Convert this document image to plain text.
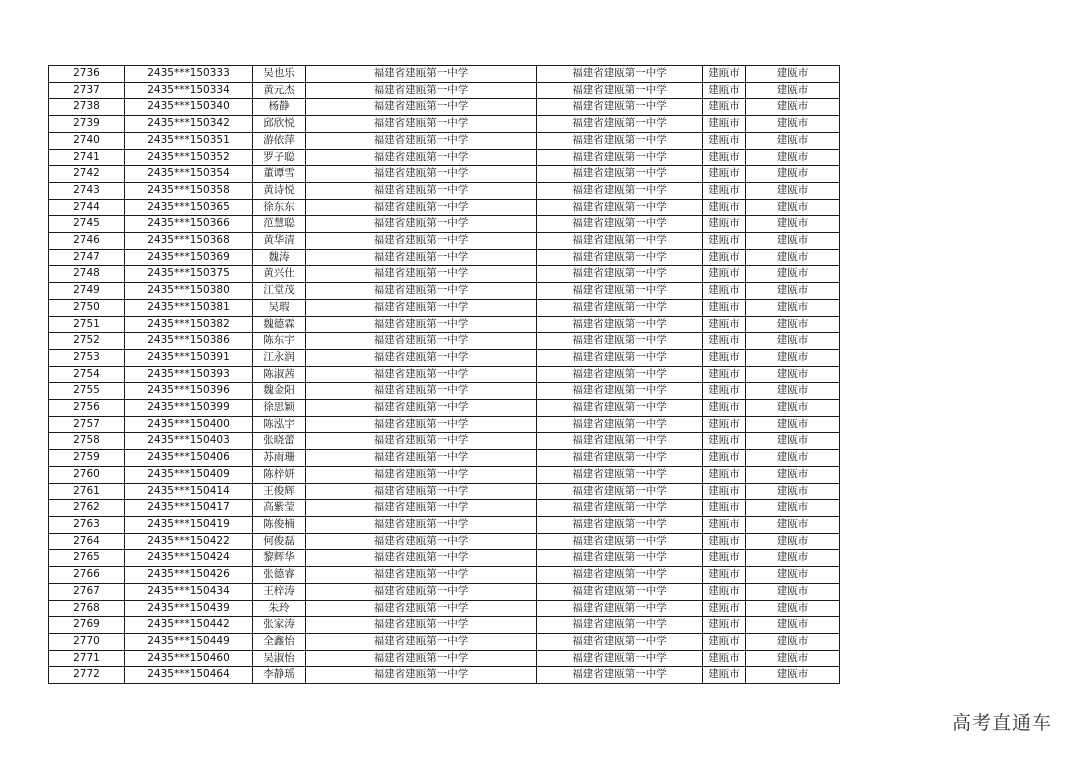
2736	2435***150333	吴也乐	福建省建瓯第一中学	福建省建瓯第一中学	建瓯市	建瓯市
2737	2435***150334	黄元杰	福建省建瓯第一中学	福建省建瓯第一中学	建瓯市	建瓯市
2738	2435***150340	杨静	福建省建瓯第一中学	福建省建瓯第一中学	建瓯市	建瓯市
2739	2435***150342	邱欣悦	福建省建瓯第一中学	福建省建瓯第一中学	建瓯市	建瓯市
2740	2435***150351	游依萍	福建省建瓯第一中学	福建省建瓯第一中学	建瓯市	建瓯市
2741	2435***150352	罗子聪	福建省建瓯第一中学	福建省建瓯第一中学	建瓯市	建瓯市
2742	2435***150354	董谭雪	福建省建瓯第一中学	福建省建瓯第一中学	建瓯市	建瓯市
2743	2435***150358	黄诗悦	福建省建瓯第一中学	福建省建瓯第一中学	建瓯市	建瓯市
2744	2435***150365	徐东东	福建省建瓯第一中学	福建省建瓯第一中学	建瓯市	建瓯市
2745	2435***150366	范慧聪	福建省建瓯第一中学	福建省建瓯第一中学	建瓯市	建瓯市
2746	2435***150368	黄华清	福建省建瓯第一中学	福建省建瓯第一中学	建瓯市	建瓯市
2747	2435***150369	魏涛	福建省建瓯第一中学	福建省建瓯第一中学	建瓯市	建瓯市
2748	2435***150375	黄兴仕	福建省建瓯第一中学	福建省建瓯第一中学	建瓯市	建瓯市
2749	2435***150380	江堂茂	福建省建瓯第一中学	福建省建瓯第一中学	建瓯市	建瓯市
2750	2435***150381	吴瑕	福建省建瓯第一中学	福建省建瓯第一中学	建瓯市	建瓯市
2751	2435***150382	魏德霖	福建省建瓯第一中学	福建省建瓯第一中学	建瓯市	建瓯市
2752	2435***150386	陈东宇	福建省建瓯第一中学	福建省建瓯第一中学	建瓯市	建瓯市
2753	2435***150391	江永润	福建省建瓯第一中学	福建省建瓯第一中学	建瓯市	建瓯市
2754	2435***150393	陈淑茜	福建省建瓯第一中学	福建省建瓯第一中学	建瓯市	建瓯市
2755	2435***150396	魏金阳	福建省建瓯第一中学	福建省建瓯第一中学	建瓯市	建瓯市
2756	2435***150399	徐思颖	福建省建瓯第一中学	福建省建瓯第一中学	建瓯市	建瓯市
2757	2435***150400	陈泓宇	福建省建瓯第一中学	福建省建瓯第一中学	建瓯市	建瓯市
2758	2435***150403	张晓蕾	福建省建瓯第一中学	福建省建瓯第一中学	建瓯市	建瓯市
2759	2435***150406	苏雨珊	福建省建瓯第一中学	福建省建瓯第一中学	建瓯市	建瓯市
2760	2435***150409	陈梓妍	福建省建瓯第一中学	福建省建瓯第一中学	建瓯市	建瓯市
2761	2435***150414	王俊辉	福建省建瓯第一中学	福建省建瓯第一中学	建瓯市	建瓯市
2762	2435***150417	高紫莹	福建省建瓯第一中学	福建省建瓯第一中学	建瓯市	建瓯市
2763	2435***150419	陈俊楠	福建省建瓯第一中学	福建省建瓯第一中学	建瓯市	建瓯市
2764	2435***150422	何俊磊	福建省建瓯第一中学	福建省建瓯第一中学	建瓯市	建瓯市
2765	2435***150424	黎辉华	福建省建瓯第一中学	福建省建瓯第一中学	建瓯市	建瓯市
2766	2435***150426	张德睿	福建省建瓯第一中学	福建省建瓯第一中学	建瓯市	建瓯市
2767	2435***150434	王梓涛	福建省建瓯第一中学	福建省建瓯第一中学	建瓯市	建瓯市
2768	2435***150439	朱玲	福建省建瓯第一中学	福建省建瓯第一中学	建瓯市	建瓯市
2769	2435***150442	张家涛	福建省建瓯第一中学	福建省建瓯第一中学	建瓯市	建瓯市
2770	2435***150449	全鑫怡	福建省建瓯第一中学	福建省建瓯第一中学	建瓯市	建瓯市
2771	2435***150460	吴淑怡	福建省建瓯第一中学	福建省建瓯第一中学	建瓯市	建瓯市
2772	2435***150464	李静瑶	福建省建瓯第一中学	福建省建瓯第一中学	建瓯市	建瓯市
高考直通车
